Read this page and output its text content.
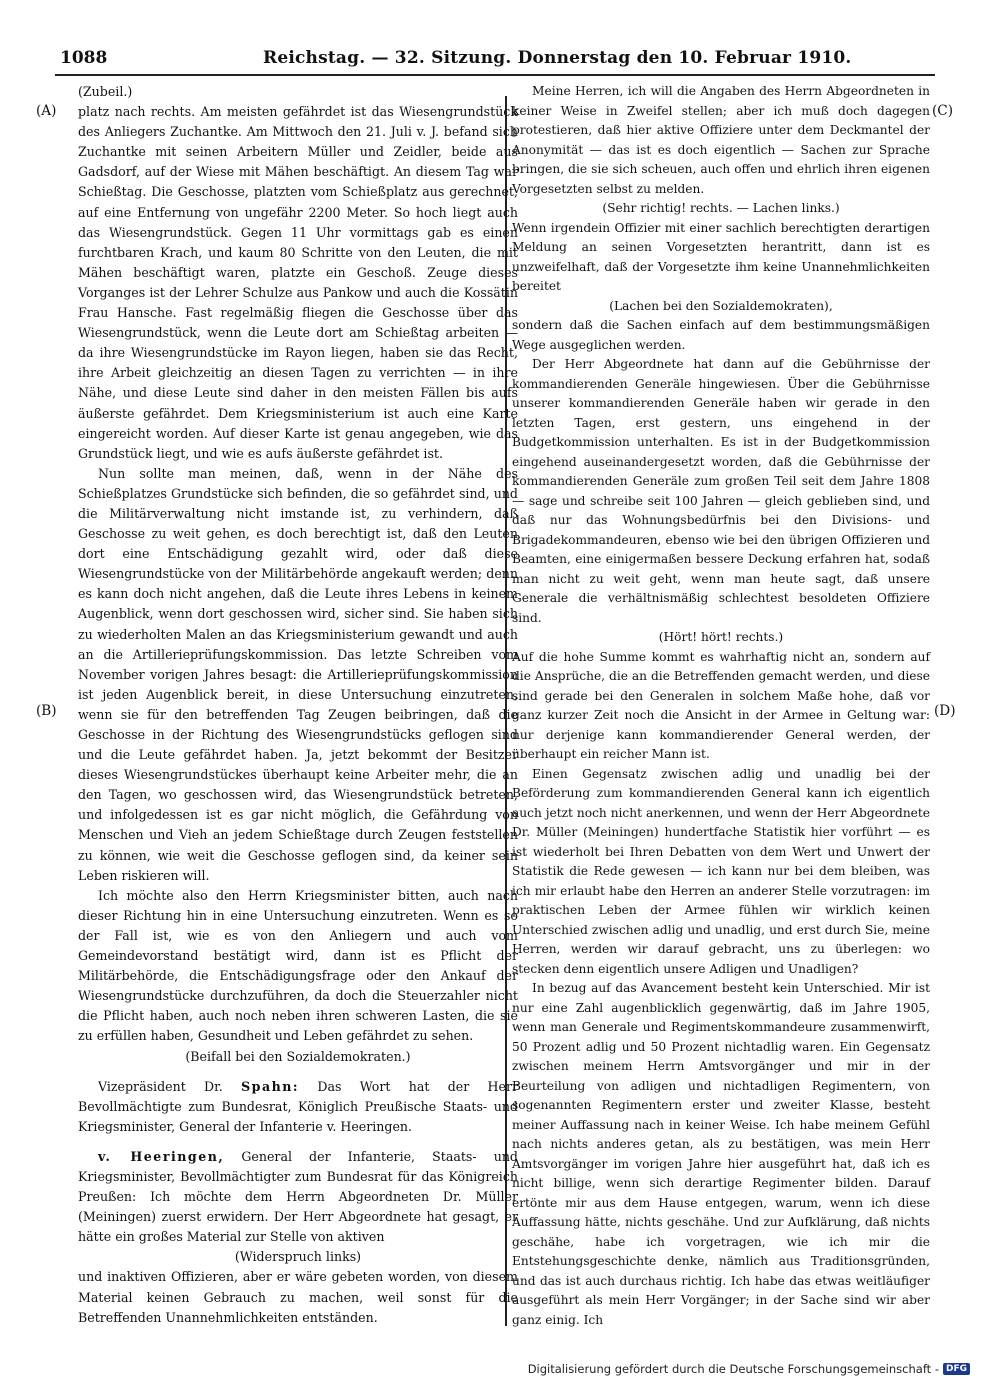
1088	Reichstag. — 32. Sitzung. Donnerstag den 10. Februar 1910.
(A)
(B)
(C)
(D)

(Zubeil.)

platz nach rechts. Am meisten gefährdet ist das Wiesengrundstück des Anliegers Zuchantke. Am Mittwoch den 21. Juli v. J. befand sich Zuchantke mit seinen Arbeitern Müller und Zeidler, beide aus Gadsdorf, auf der Wiese mit Mähen beschäftigt. An diesem Tag war Schießtag. Die Geschosse, platzten vom Schießplatz aus gerechnet, auf eine Entfernung von ungefähr 2200 Meter. So hoch liegt auch das Wiesengrundstück. Gegen 11 Uhr vormittags gab es einen furchtbaren Krach, und kaum 80 Schritte von den Leuten, die mit Mähen beschäftigt waren, platzte ein Geschoß. Zeuge dieses Vorganges ist der Lehrer Schulze aus Pankow und auch die Kossätin Frau Hansche. Fast regelmäßig fliegen die Geschosse über das Wiesengrundstück, wenn die Leute dort am Schießtag arbeiten — da ihre Wiesengrundstücke im Rayon liegen, haben sie das Recht, ihre Arbeit gleichzeitig an diesen Tagen zu verrichten — in ihre Nähe, und diese Leute sind daher in den meisten Fällen bis aufs äußerste gefährdet. Dem Kriegsministerium ist auch eine Karte eingereicht worden. Auf dieser Karte ist genau angegeben, wie das Grundstück liegt, und wie es aufs äußerste gefährdet ist.

Nun sollte man meinen, daß, wenn in der Nähe des Schießplatzes Grundstücke sich befinden, die so gefährdet sind, und die Militärverwaltung nicht imstande ist, zu verhindern, daß Geschosse zu weit gehen, es doch berechtigt ist, daß den Leuten dort eine Entschädigung gezahlt wird, oder daß diese Wiesengrundstücke von der Militärbehörde angekauft werden; denn es kann doch nicht angehen, daß die Leute ihres Lebens in keinem Augenblick, wenn dort geschossen wird, sicher sind. Sie haben sich zu wiederholten Malen an das Kriegsministerium gewandt und auch an die Artillerieprüfungskommission. Das letzte Schreiben vom November vorigen Jahres besagt: die Artillerieprüfungskommission ist jeden Augenblick bereit, in diese Untersuchung einzutreten, wenn sie für den betreffenden Tag Zeugen beibringen, daß die Geschosse in der Richtung des Wiesengrundstücks geflogen sind und die Leute gefährdet haben. Ja, jetzt bekommt der Besitzer dieses Wiesengrundstückes überhaupt keine Arbeiter mehr, die an den Tagen, wo geschossen wird, das Wiesengrundstück betreten, und infolgedessen ist es gar nicht möglich, die Gefährdung von Menschen und Vieh an jedem Schießtage durch Zeugen feststellen zu können, wie weit die Geschosse geflogen sind, da keiner sein Leben riskieren will.

Ich möchte also den Herrn Kriegsminister bitten, auch nach dieser Richtung hin in eine Untersuchung einzutreten. Wenn es so der Fall ist, wie es von den Anliegern und auch vom Gemeindevorstand bestätigt wird, dann ist es Pflicht der Militärbehörde, die Entschädigungsfrage oder den Ankauf der Wiesengrundstücke durchzuführen, da doch die Steuerzahler nicht die Pflicht haben, auch noch neben ihren schweren Lasten, die sie zu erfüllen haben, Gesundheit und Leben gefährdet zu sehen.

(Beifall bei den Sozialdemokraten.)

Vizepräsident Dr. Spahn: Das Wort hat der Herr Bevollmächtigte zum Bundesrat, Königlich Preußische Staats- und Kriegsminister, General der Infanterie v. Heeringen.

v. Heeringen, General der Infanterie, Staats- und Kriegsminister, Bevollmächtigter zum Bundesrat für das Königreich Preußen: Ich möchte dem Herrn Abgeordneten Dr. Müller (Meiningen) zuerst erwidern. Der Herr Abgeordnete hat gesagt, er hätte ein großes Material zur Stelle von aktiven

(Widerspruch links)

und inaktiven Offizieren, aber er wäre gebeten worden, von diesem Material keinen Gebrauch zu machen, weil sonst für die Betreffenden Unannehmlichkeiten entständen.

Meine Herren, ich will die Angaben des Herrn Abgeordneten in keiner Weise in Zweifel stellen; aber ich muß doch dagegen protestieren, daß hier aktive Offiziere unter dem Deckmantel der Anonymität — das ist es doch eigentlich — Sachen zur Sprache bringen, die sie sich scheuen, auch offen und ehrlich ihren eigenen Vorgesetzten selbst zu melden.

(Sehr richtig! rechts. — Lachen links.)

Wenn irgendein Offizier mit einer sachlich berechtigten derartigen Meldung an seinen Vorgesetzten herantritt, dann ist es unzweifelhaft, daß der Vorgesetzte ihm keine Unannehmlichkeiten bereitet

(Lachen bei den Sozialdemokraten),

sondern daß die Sachen einfach auf dem bestimmungsmäßigen Wege ausgeglichen werden.

Der Herr Abgeordnete hat dann auf die Gebührnisse der kommandierenden Generäle hingewiesen. Über die Gebührnisse unserer kommandierenden Generäle haben wir gerade in den letzten Tagen, erst gestern, uns eingehend in der Budgetkommission unterhalten. Es ist in der Budgetkommission eingehend auseinandergesetzt worden, daß die Gebührnisse der kommandierenden Generäle zum großen Teil seit dem Jahre 1808 — sage und schreibe seit 100 Jahren — gleich geblieben sind, und daß nur das Wohnungsbedürfnis bei den Divisions- und Brigadekommandeuren, ebenso wie bei den übrigen Offizieren und Beamten, eine einigermaßen bessere Deckung erfahren hat, sodaß man nicht zu weit geht, wenn man heute sagt, daß unsere Generale die verhältnismäßig schlechtest besoldeten Offiziere sind.

(Hört! hört! rechts.)

Auf die hohe Summe kommt es wahrhaftig nicht an, sondern auf die Ansprüche, die an die Betreffenden gemacht werden, und diese sind gerade bei den Generalen in solchem Maße hohe, daß vor ganz kurzer Zeit noch die Ansicht in der Armee in Geltung war: nur derjenige kann kommandierender General werden, der überhaupt ein reicher Mann ist.

Einen Gegensatz zwischen adlig und unadlig bei der Beförderung zum kommandierenden General kann ich eigentlich auch jetzt noch nicht anerkennen, und wenn der Herr Abgeordnete Dr. Müller (Meiningen) hundertfache Statistik hier vorführt — es ist wiederholt bei Ihren Debatten von dem Wert und Unwert der Statistik die Rede gewesen — ich kann nur bei dem bleiben, was ich mir erlaubt habe den Herren an anderer Stelle vorzutragen: im praktischen Leben der Armee fühlen wir wirklich keinen Unterschied zwischen adlig und unadlig, und erst durch Sie, meine Herren, werden wir darauf gebracht, uns zu überlegen: wo stecken denn eigentlich unsere Adligen und Unadligen?

In bezug auf das Avancement besteht kein Unterschied. Mir ist nur eine Zahl augenblicklich gegenwärtig, daß im Jahre 1905, wenn man Generale und Regimentskommandeure zusammenwirft, 50 Prozent adlig und 50 Prozent nichtadlig waren. Ein Gegensatz zwischen meinem Herrn Amtsvorgänger und mir in der Beurteilung von adligen und nichtadligen Regimentern, von sogenannten Regimentern erster und zweiter Klasse, besteht meiner Auffassung nach in keiner Weise. Ich habe meinem Gefühl nach nichts anderes getan, als zu bestätigen, was mein Herr Amtsvorgänger im vorigen Jahre hier ausgeführt hat, daß ich es nicht billige, wenn sich derartige Regimenter bilden. Darauf ertönte mir aus dem Hause entgegen, warum, wenn ich diese Auffassung hätte, nichts geschähe. Und zur Aufklärung, daß nichts geschähe, habe ich vorgetragen, wie ich mir die Entstehungsgeschichte denke, nämlich aus Traditionsgründen, und das ist auch durchaus richtig. Ich habe das etwas weitläufiger ausgeführt als mein Herr Vorgänger; in der Sache sind wir aber ganz einig. Ich

Digitalisierung gefördert durch die Deutsche Forschungsgemeinschaft - DFG
